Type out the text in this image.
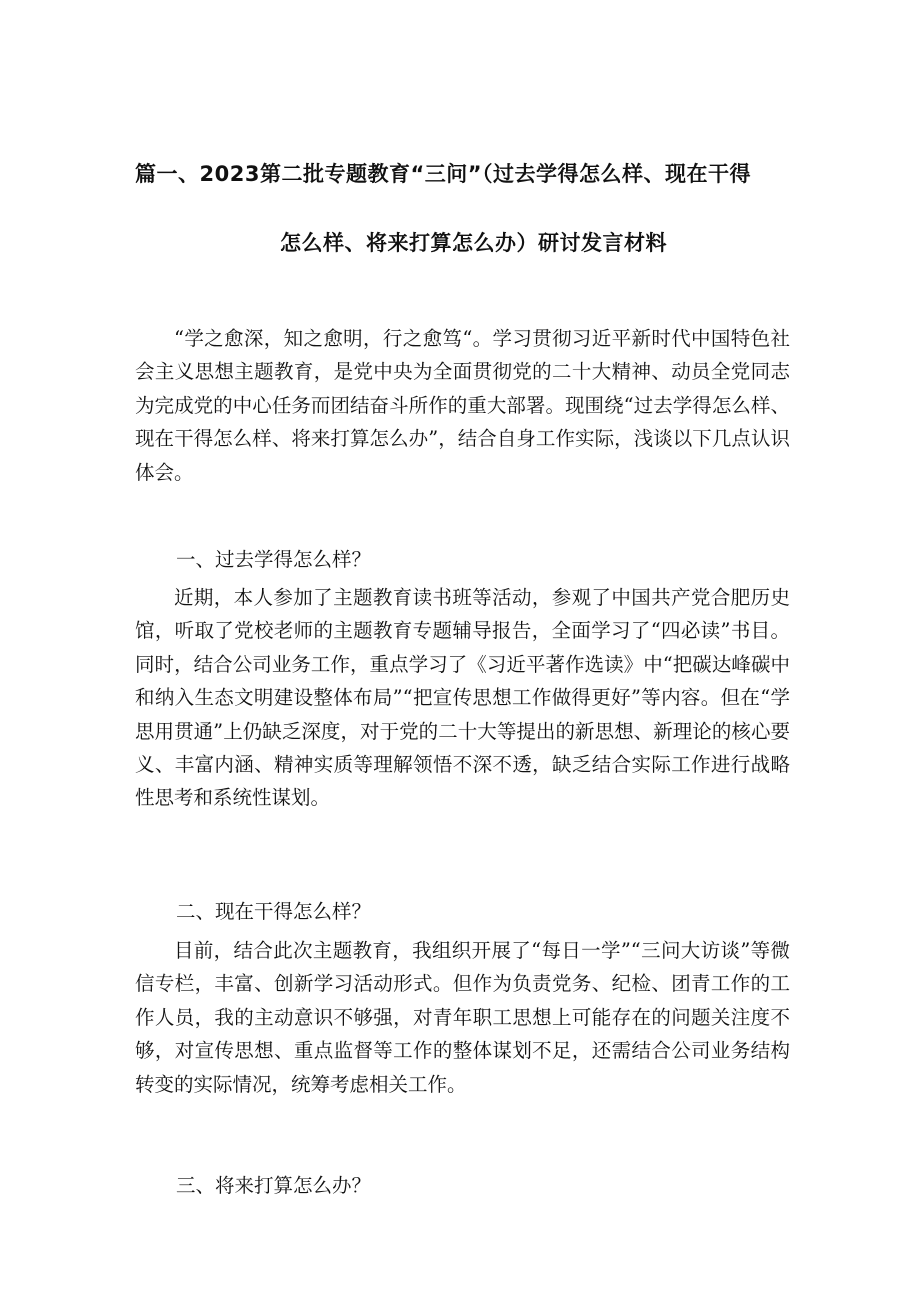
篇一、2023第二批专题教育“三问”（过去学得怎么样、现在干得
怎么样、将来打算怎么办）研讨发言材料

“学之愈深，知之愈明，行之愈笃“。学习贯彻习近平新时代中国特色社会主义思想主题教育，是党中央为全面贯彻党的二十大精神、动员全党同志为完成党的中心任务而团结奋斗所作的重大部署。现围绕“过去学得怎么样、现在干得怎么样、将来打算怎么办”，结合自身工作实际，浅谈以下几点认识体会。

一、过去学得怎么样？

近期，本人参加了主题教育读书班等活动，参观了中国共产党合肥历史馆，听取了党校老师的主题教育专题辅导报告，全面学习了“四必读”书目。同时，结合公司业务工作，重点学习了《习近平著作选读》中“把碳达峰碳中和纳入生态文明建设整体布局”“把宣传思想工作做得更好”等内容。但在“学思用贯通”上仍缺乏深度，对于党的二十大等提出的新思想、新理论的核心要义、丰富内涵、精神实质等理解领悟不深不透，缺乏结合实际工作进行战略性思考和系统性谋划。

二、现在干得怎么样？

目前，结合此次主题教育，我组织开展了“每日一学”“三问大访谈”等微信专栏，丰富、创新学习活动形式。但作为负责党务、纪检、团青工作的工作人员，我的主动意识不够强，对青年职工思想上可能存在的问题关注度不够，对宣传思想、重点监督等工作的整体谋划不足，还需结合公司业务结构转变的实际情况，统筹考虑相关工作。

三、将来打算怎么办？
